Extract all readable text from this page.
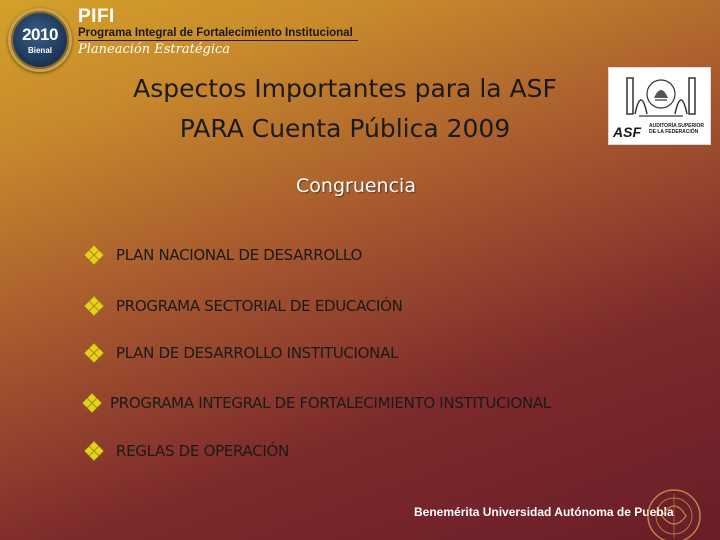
2010
Bienal
PIFI
Programa Integral de Fortalecimiento Institucional
Planeación Estratégica
ASF AUDITORÍA SUPERIOR DE LA FEDERACIÓN
Aspectos Importantes para la ASF
PARA Cuenta Pública 2009
Congruencia
PLAN NACIONAL DE DESARROLLO
PROGRAMA SECTORIAL DE EDUCACIÓN
PLAN DE DESARROLLO INSTITUCIONAL
PROGRAMA INTEGRAL DE FORTALECIMIENTO INSTITUCIONAL
REGLAS DE OPERACIÓN
Benemérita Universidad Autónoma de Puebla
